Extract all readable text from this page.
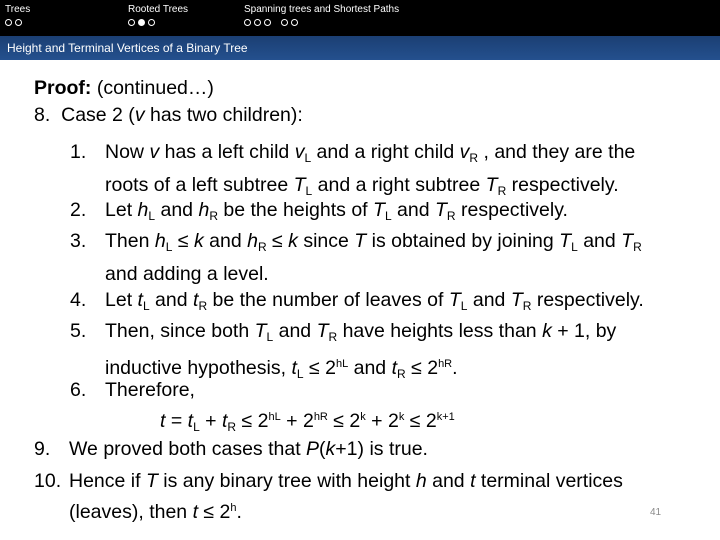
Trees	Rooted Trees	Spanning trees and Shortest Paths
Height and Terminal Vertices of a Binary Tree
Proof: (continued…)
8. Case 2 (v has two children):
1. Now v has a left child $v_L$ and a right child $v_R$ , and they are the
roots of a left subtree $T_L$ and a right subtree $T_R$ respectively.
2. Let $h_L$ and $h_R$ be the heights of $T_L$ and $T_R$ respectively.
3. Then $h_L \le k$ and $h_R \le k$ since T is obtained by joining $T_L$ and $T_R$
and adding a level.
4. Let $t_L$ and $t_R$ be the number of leaves of $T_L$ and $T_R$ respectively.
5. Then, since both $T_L$ and $T_R$ have heights less than k + 1, by
inductive hypothesis, $t_L \le 2^{hL}$ and $t_R \le 2^{hR}$.
6. Therefore,
$t = t_L + t_R \le 2^{hL} + 2^{hR} \le 2^k + 2^k \le 2^{k+1}$
9. We proved both cases that P(k+1) is true.
10. Hence if T is any binary tree with height h and t terminal vertices
(leaves), then $t \le 2^h$.	41
